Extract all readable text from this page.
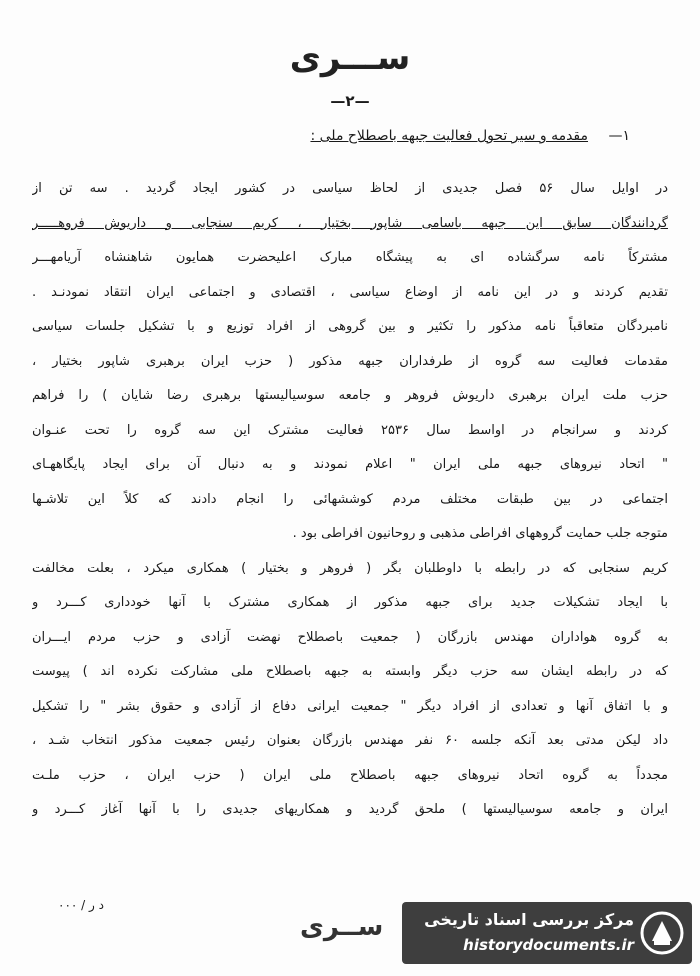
ســـری
—۲—
۱— مقدمه و سیر تحول فعالیت جبهه باصطلاح ملی :
در اوایل سال ۵۶ فصل جدیدی از لحاظ سیاسی در کشور ایجاد گردید . سه تن از
گردانندگان سابق این جبهه باسامی شاپور بختیار ، کریم سنجابی و داریوش فروهـــــر
مشترکاً نامه سرگشاده ای به پیشگاه مبارک اعلیحضرت همایون شاهنشاه آریامهـــر
تقدیم کردند و در این نامه از اوضاع سیاسی ، اقتصادی و اجتماعی ایران انتقاد نمودنـد .
نامبردگان متعاقباً نامه مذکور را تکثیر و بین گروهی از افراد توزیع و با تشکیل جلسات سیاسی
مقدمات فعالیت سه گروه از طرفداران جبهه مذکور ( حزب ایران برهبری شاپور بختیار ،
حزب ملت ایران برهبری داریوش فروهر و جامعه سوسیالیستها برهبری رضا شایان ) را فراهم
کردند و سرانجام در اواسط سال ۲۵۳۶ فعالیت مشترک این سه گروه را تحت عنـوان
" اتحاد نیروهای جبهه ملی ایران " اعلام نمودند و به دنبال آن برای ایجاد پایگاههـای
اجتماعی در بین طبقات مختلف مردم کوششهائی را انجام دادند که کلاً این تلاشـها
متوجه جلب حمایت گروههای افراطی مذهبی و روحانیون افراطی بود .
کریم سنجابی که در رابطه با داوطلبان بگر ( فروهر و بختیار ) همکاری میکرد ، بعلت مخالفت
با ایجاد تشکیلات جدید برای جبهه مذکور از همکاری مشترک با آنها خودداری کـــرد و
به گروه هواداران مهندس بازرگان ( جمعیت باصطلاح نهضت آزادی و حزب مردم ایـــران
که در رابطه ایشان سه حزب دیگر وابسته به جبهه باصطلاح ملی مشارکت نکرده اند ) پیوست
و با اتفاق آنها و تعدادی از افراد دیگر " جمعیت ایرانی دفاع از آزادی و حقوق بشر " را تشکیل
داد لیکن مدتی بعد آنکه جلسه ۶۰ نفر مهندس بازرگان بعنوان رئیس جمعیت مذکور انتخاب شـد ،
مجدداً به گروه اتحاد نیروهای جبهه باصطلاح ملی ایران ( حزب ایران ، حزب ملـت
ایران و جامعه سوسیالیستها ) ملحق گردید و همکاریهای جدیدی را با آنها آغاز کـــرد و
د ر / ۰۰۰
ســری	مرکز بررسی اسناد تاریخی
historydocuments.ir
